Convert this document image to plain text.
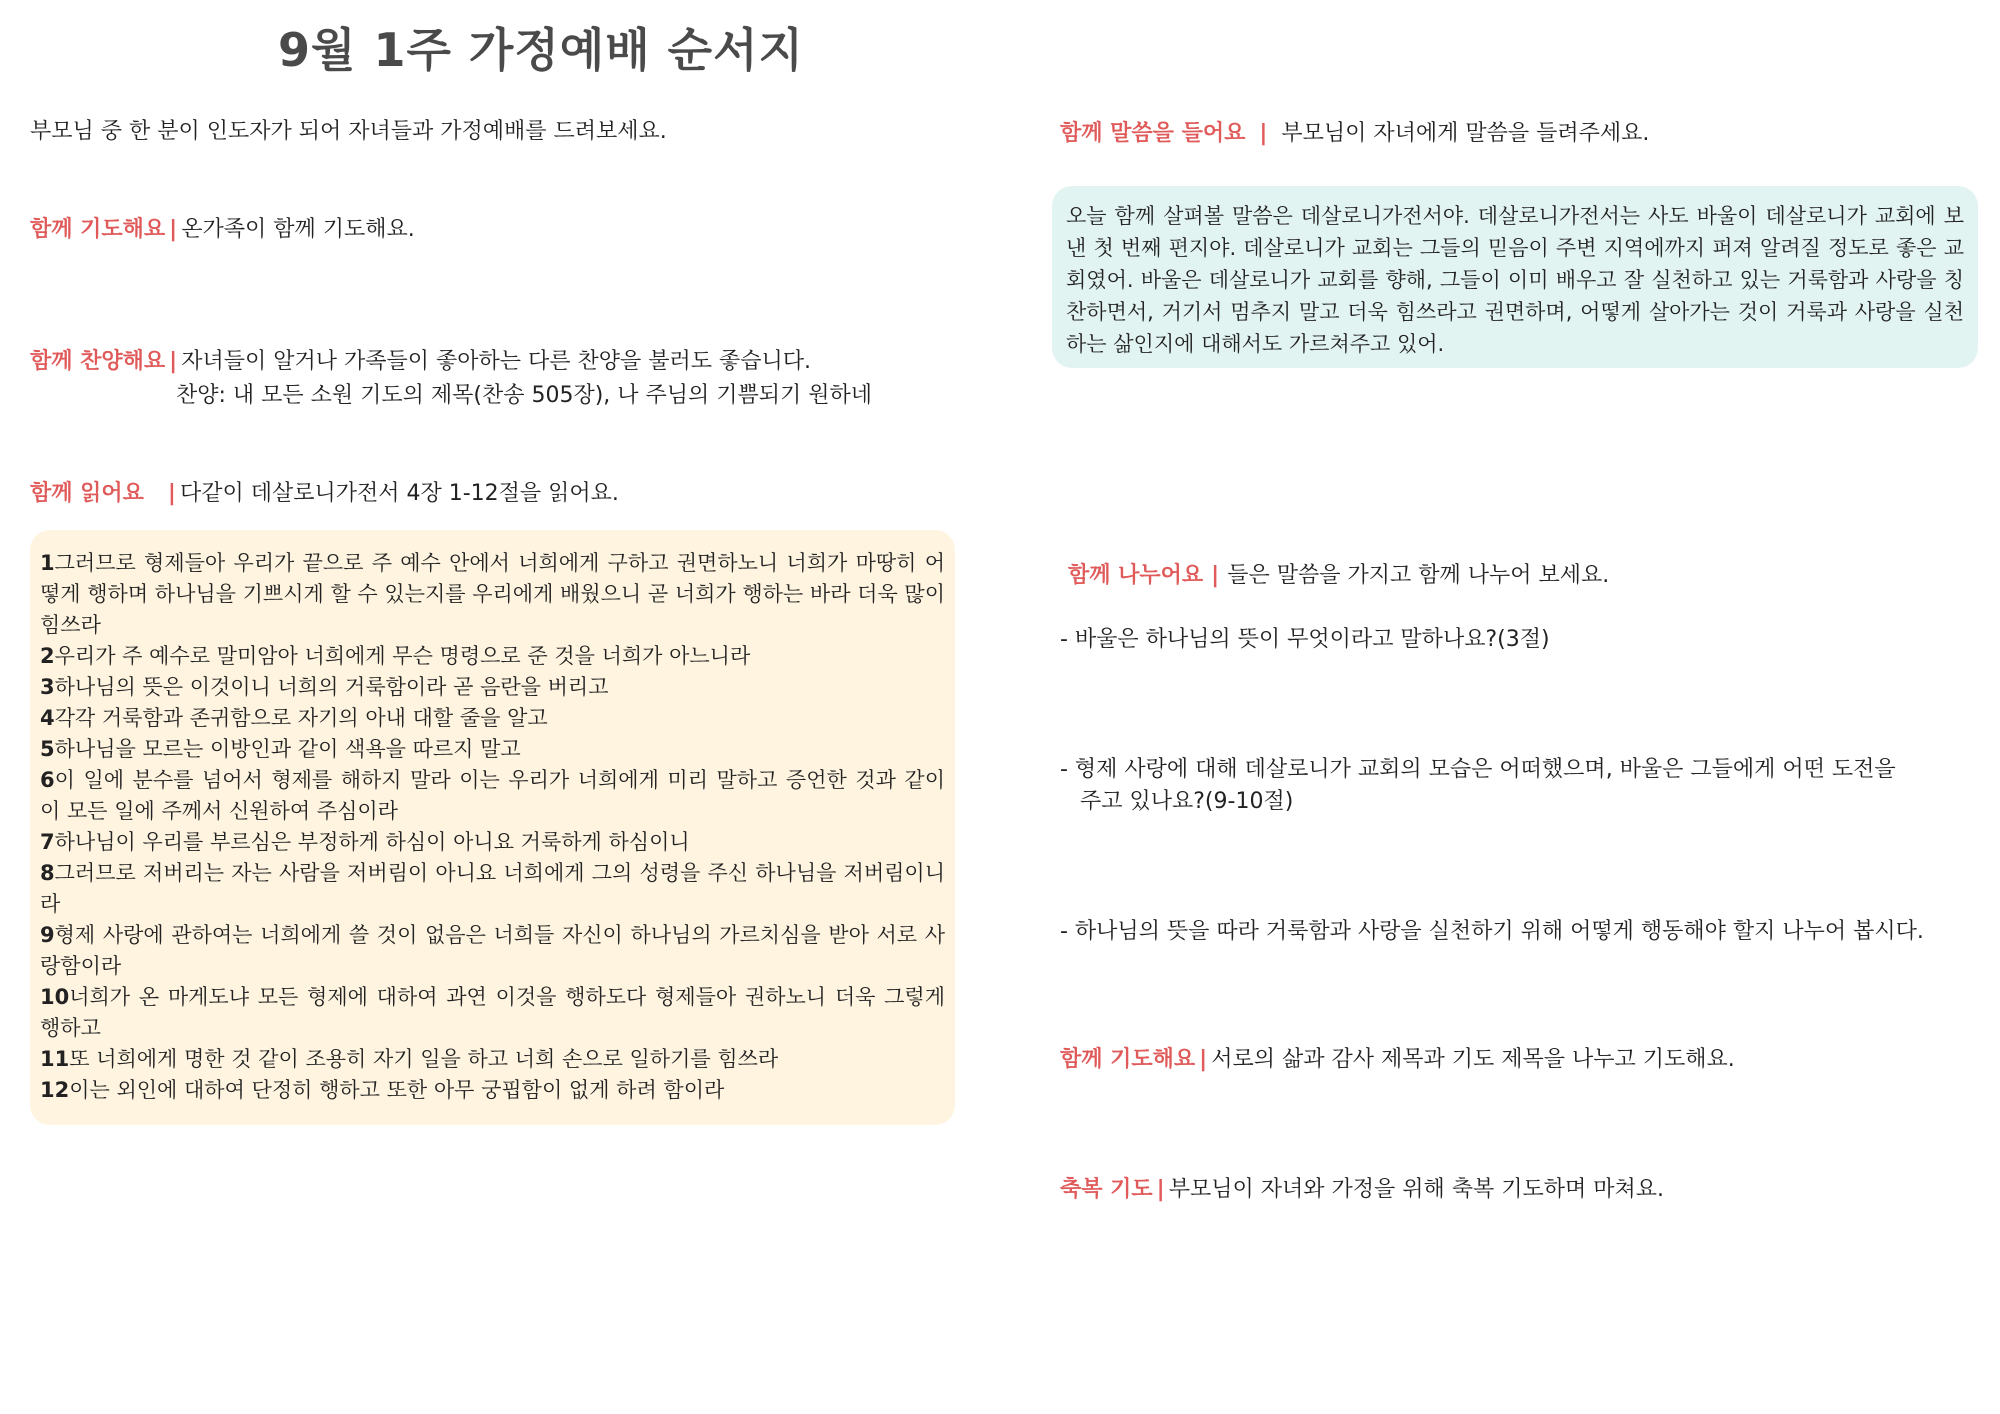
9월 1주 가정예배 순서지
부모님 중 한 분이 인도자가 되어 자녀들과 가정예배를 드려보세요.
함께 기도해요 | 온가족이 함께 기도해요.
함께 찬양해요 | 자녀들이 알거나 가족들이 좋아하는 다른 찬양을 불러도 좋습니다.
찬양: 내 모든 소원 기도의 제목(찬송 505장), 나 주님의 기쁨되기 원하네
함께 읽어요 | 다같이 데살로니가전서 4장 1-12절을 읽어요.
1그러므로 형제들아 우리가 끝으로 주 예수 안에서 너희에게 구하고 권면하노니 너희가 마땅히 어떻게 행하며 하나님을 기쁘시게 할 수 있는지를 우리에게 배웠으니 곧 너희가 행하는 바라 더욱 많이 힘쓰라
2우리가 주 예수로 말미암아 너희에게 무슨 명령으로 준 것을 너희가 아느니라
3하나님의 뜻은 이것이니 너희의 거룩함이라 곧 음란을 버리고
4각각 거룩함과 존귀함으로 자기의 아내 대할 줄을 알고
5하나님을 모르는 이방인과 같이 색욕을 따르지 말고
6이 일에 분수를 넘어서 형제를 해하지 말라 이는 우리가 너희에게 미리 말하고 증언한 것과 같이 이 모든 일에 주께서 신원하여 주심이라
7하나님이 우리를 부르심은 부정하게 하심이 아니요 거룩하게 하심이니
8그러므로 저버리는 자는 사람을 저버림이 아니요 너희에게 그의 성령을 주신 하나님을 저버림이니라
9형제 사랑에 관하여는 너희에게 쓸 것이 없음은 너희들 자신이 하나님의 가르치심을 받아 서로 사랑함이라
10너희가 온 마게도냐 모든 형제에 대하여 과연 이것을 행하도다 형제들아 권하노니 더욱 그렇게 행하고
11또 너희에게 명한 것 같이 조용히 자기 일을 하고 너희 손으로 일하기를 힘쓰라
12이는 외인에 대하여 단정히 행하고 또한 아무 궁핍함이 없게 하려 함이라
함께 말씀을 들어요 | 부모님이 자녀에게 말씀을 들려주세요.
오늘 함께 살펴볼 말씀은 데살로니가전서야. 데살로니가전서는 사도 바울이 데살로니가 교회에 보낸 첫 번째 편지야. 데살로니가 교회는 그들의 믿음이 주변 지역에까지 퍼져 알려질 정도로 좋은 교회였어. 바울은 데살로니가 교회를 향해, 그들이 이미 배우고 잘 실천하고 있는 거룩함과 사랑을 칭찬하면서, 거기서 멈추지 말고 더욱 힘쓰라고 권면하며, 어떻게 살아가는 것이 거룩과 사랑을 실천하는 삶인지에 대해서도 가르쳐주고 있어.
함께 나누어요 | 들은 말씀을 가지고 함께 나누어 보세요.
- 바울은 하나님의 뜻이 무엇이라고 말하나요?(3절)
- 형제 사랑에 대해 데살로니가 교회의 모습은 어떠했으며, 바울은 그들에게 어떤 도전을
주고 있나요?(9-10절)
- 하나님의 뜻을 따라 거룩함과 사랑을 실천하기 위해 어떻게 행동해야 할지 나누어 봅시다.
함께 기도해요 | 서로의 삶과 감사 제목과 기도 제목을 나누고 기도해요.
축복 기도 | 부모님이 자녀와 가정을 위해 축복 기도하며 마쳐요.
